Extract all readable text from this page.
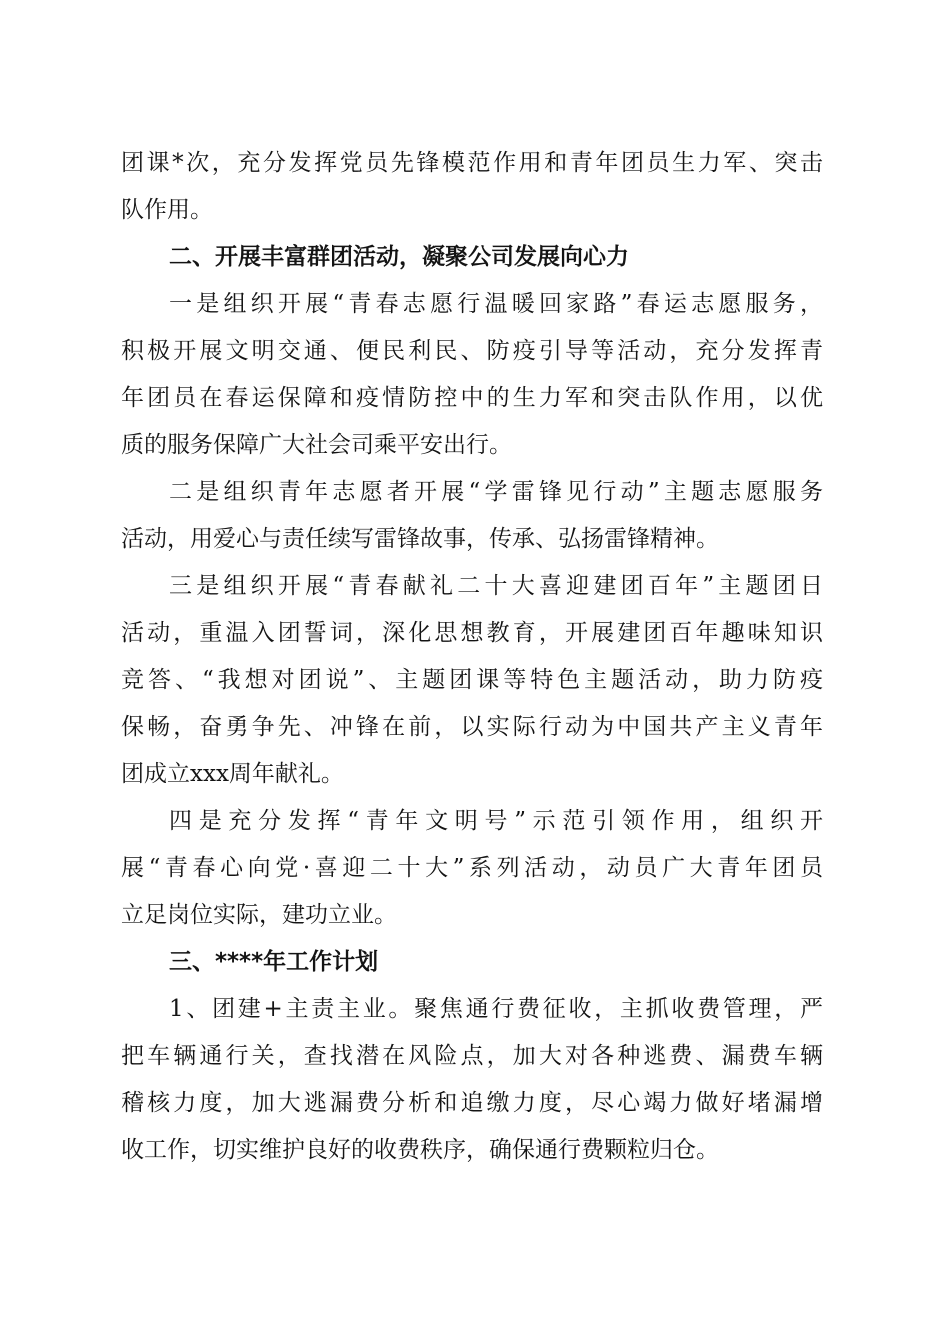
团课*次，充分发挥党员先锋模范作用和青年团员生力军、突击
队作用。
二、开展丰富群团活动，凝聚公司发展向心力
一是组织开展“青春志愿行温暖回家路”春运志愿服务，
积极开展文明交通、便民利民、防疫引导等活动，充分发挥青
年团员在春运保障和疫情防控中的生力军和突击队作用，以优
质的服务保障广大社会司乘平安出行。
二是组织青年志愿者开展“学雷锋见行动”主题志愿服务
活动，用爱心与责任续写雷锋故事，传承、弘扬雷锋精神。
三是组织开展“青春献礼二十大喜迎建团百年”主题团日
活动，重温入团誓词，深化思想教育，开展建团百年趣味知识
竞答、“我想对团说”、主题团课等特色主题活动，助力防疫
保畅，奋勇争先、冲锋在前，以实际行动为中国共产主义青年
团成立xxx周年献礼。
四是充分发挥“青年文明号”示范引领作用，组织开
展“青春心向党·喜迎二十大”系列活动，动员广大青年团员
立足岗位实际，建功立业。
三、****年工作计划
1、团建+主责主业。聚焦通行费征收，主抓收费管理，严
把车辆通行关，查找潜在风险点，加大对各种逃费、漏费车辆
稽核力度，加大逃漏费分析和追缴力度，尽心竭力做好堵漏增
收工作，切实维护良好的收费秩序，确保通行费颗粒归仓。
